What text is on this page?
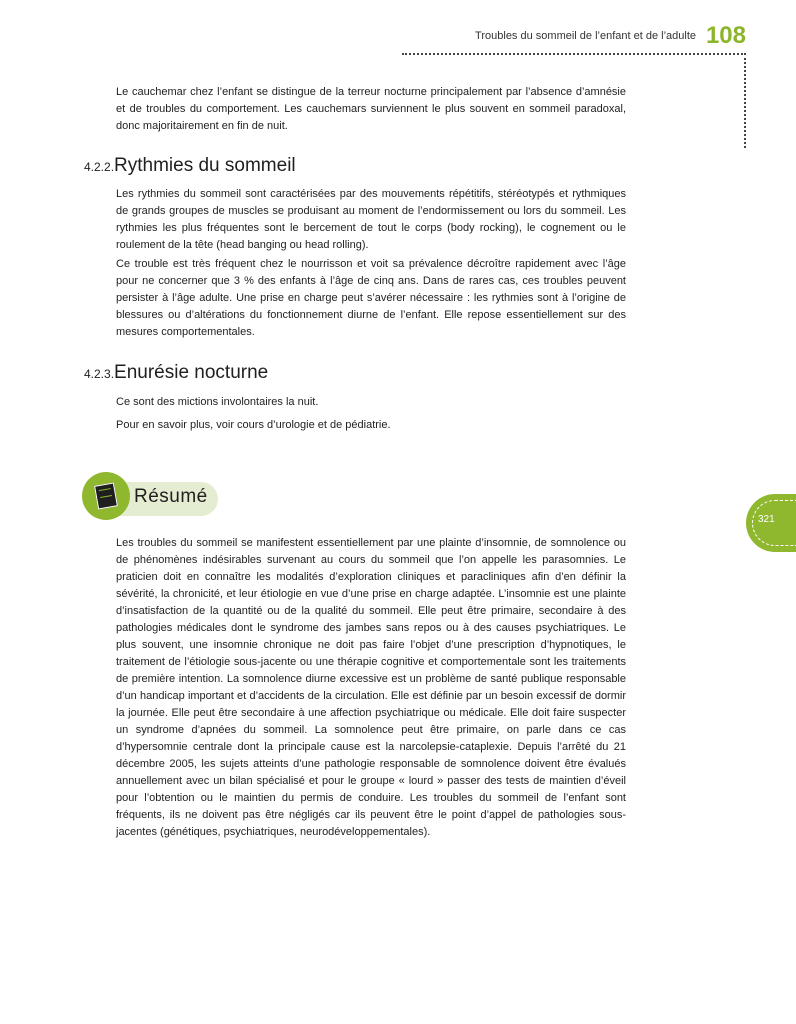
Troubles du sommeil de l’enfant et de l’adulte 108
321

Le cauchemar chez l’enfant se distingue de la terreur nocturne principalement par l’absence d’amnésie et de troubles du comportement. Les cauchemars surviennent le plus souvent en sommeil paradoxal, donc majoritairement en fin de nuit.

4.2.2.Rythmies du sommeil

Les rythmies du sommeil sont caractérisées par des mouvements répétitifs, stéréotypés et rythmiques de grands groupes de muscles se produisant au moment de l’endormissement ou lors du sommeil. Les rythmies les plus fréquentes sont le bercement de tout le corps (body rocking), le cognement ou le roulement de la tête (head banging ou head rolling).

Ce trouble est très fréquent chez le nourrisson et voit sa prévalence décroître rapidement avec l’âge pour ne concerner que 3 % des enfants à l’âge de cinq ans. Dans de rares cas, ces troubles peuvent persister à l’âge adulte. Une prise en charge peut s’avérer nécessaire : les rythmies sont à l’origine de blessures ou d’altérations du fonctionnement diurne de l’enfant. Elle repose essentiellement sur des mesures comportementales.

4.2.3.Enurésie nocturne

Ce sont des mictions involontaires la nuit.

Pour en savoir plus, voir cours d’urologie et de pédiatrie.

Résumé

Les troubles du sommeil se manifestent essentiellement par une plainte d’insomnie, de somnolence ou de phénomènes indésirables survenant au cours du sommeil que l’on appelle les parasomnies. Le praticien doit en connaître les modalités d’exploration cliniques et paracliniques afin d’en définir la sévérité, la chronicité, et leur étiologie en vue d’une prise en charge adaptée. L’insomnie est une plainte d’insatisfaction de la quantité ou de la qualité du sommeil. Elle peut être primaire, secondaire à des pathologies médicales dont le syndrome des jambes sans repos ou à des causes psychiatriques. Le plus souvent, une insomnie chronique ne doit pas faire l’objet d’une prescription d’hypnotiques, le traitement de l’étiologie sous-jacente ou une thérapie cognitive et comportementale sont les traitements de première intention. La somnolence diurne excessive est un problème de santé publique responsable d’un handicap important et d’accidents de la circulation. Elle est définie par un besoin excessif de dormir la journée. Elle peut être secondaire à une affection psychiatrique ou médicale. Elle doit faire suspecter un syndrome d’apnées du sommeil. La somnolence peut être primaire, on parle dans ce cas d’hypersomnie centrale dont la principale cause est la narcolepsie-cataplexie. Depuis l’arrêté du 21 décembre 2005, les sujets atteints d’une pathologie responsable de somnolence doivent être évalués annuellement avec un bilan spécialisé et pour le groupe « lourd » passer des tests de maintien d’éveil pour l’obtention ou le maintien du permis de conduire. Les troubles du sommeil de l’enfant sont fréquents, ils ne doivent pas être négligés car ils peuvent être le point d’appel de pathologies sous-jacentes (génétiques, psychiatriques, neurodéveloppementales).
